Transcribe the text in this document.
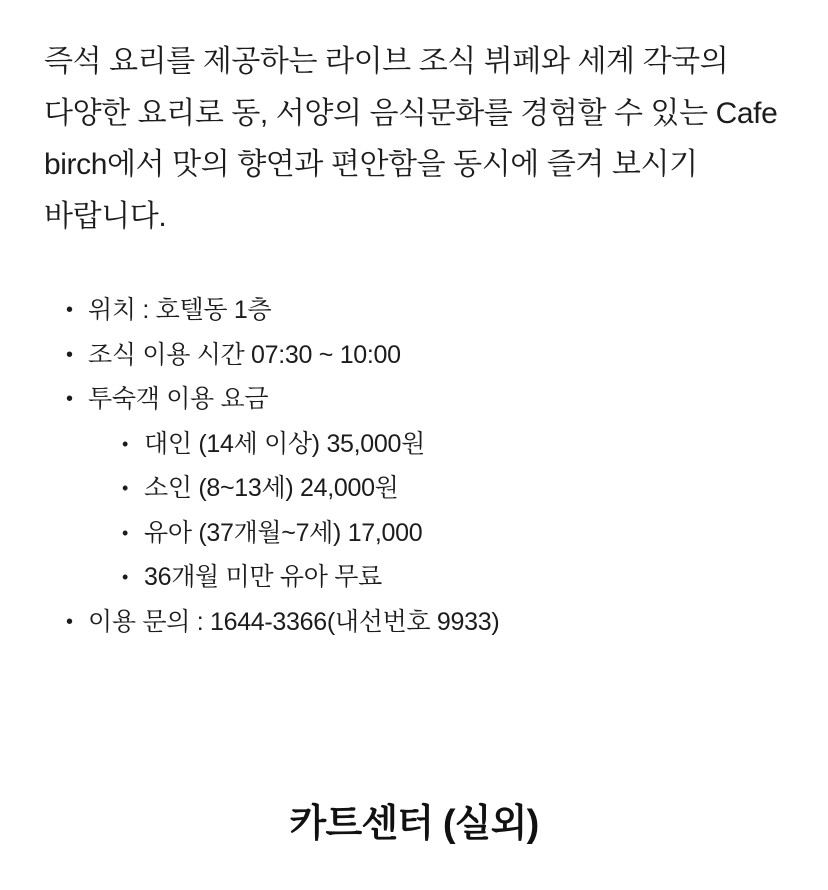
즉석 요리를 제공하는 라이브 조식 뷔페와 세계 각국의 다양한 요리로 동, 서양의 음식문화를 경험할 수 있는 Cafe birch에서 맛의 향연과 편안함을 동시에 즐겨 보시기 바랍니다.

• 위치 : 호텔동 1층
• 조식 이용 시간 07:30 ~ 10:00
• 투숙객 이용 요금
• 대인 (14세 이상) 35,000원
• 소인 (8~13세) 24,000원
• 유아 (37개월~7세) 17,000
• 36개월 미만 유아 무료
• 이용 문의 : 1644-3366(내선번호 9933)
카트센터 (실외)
